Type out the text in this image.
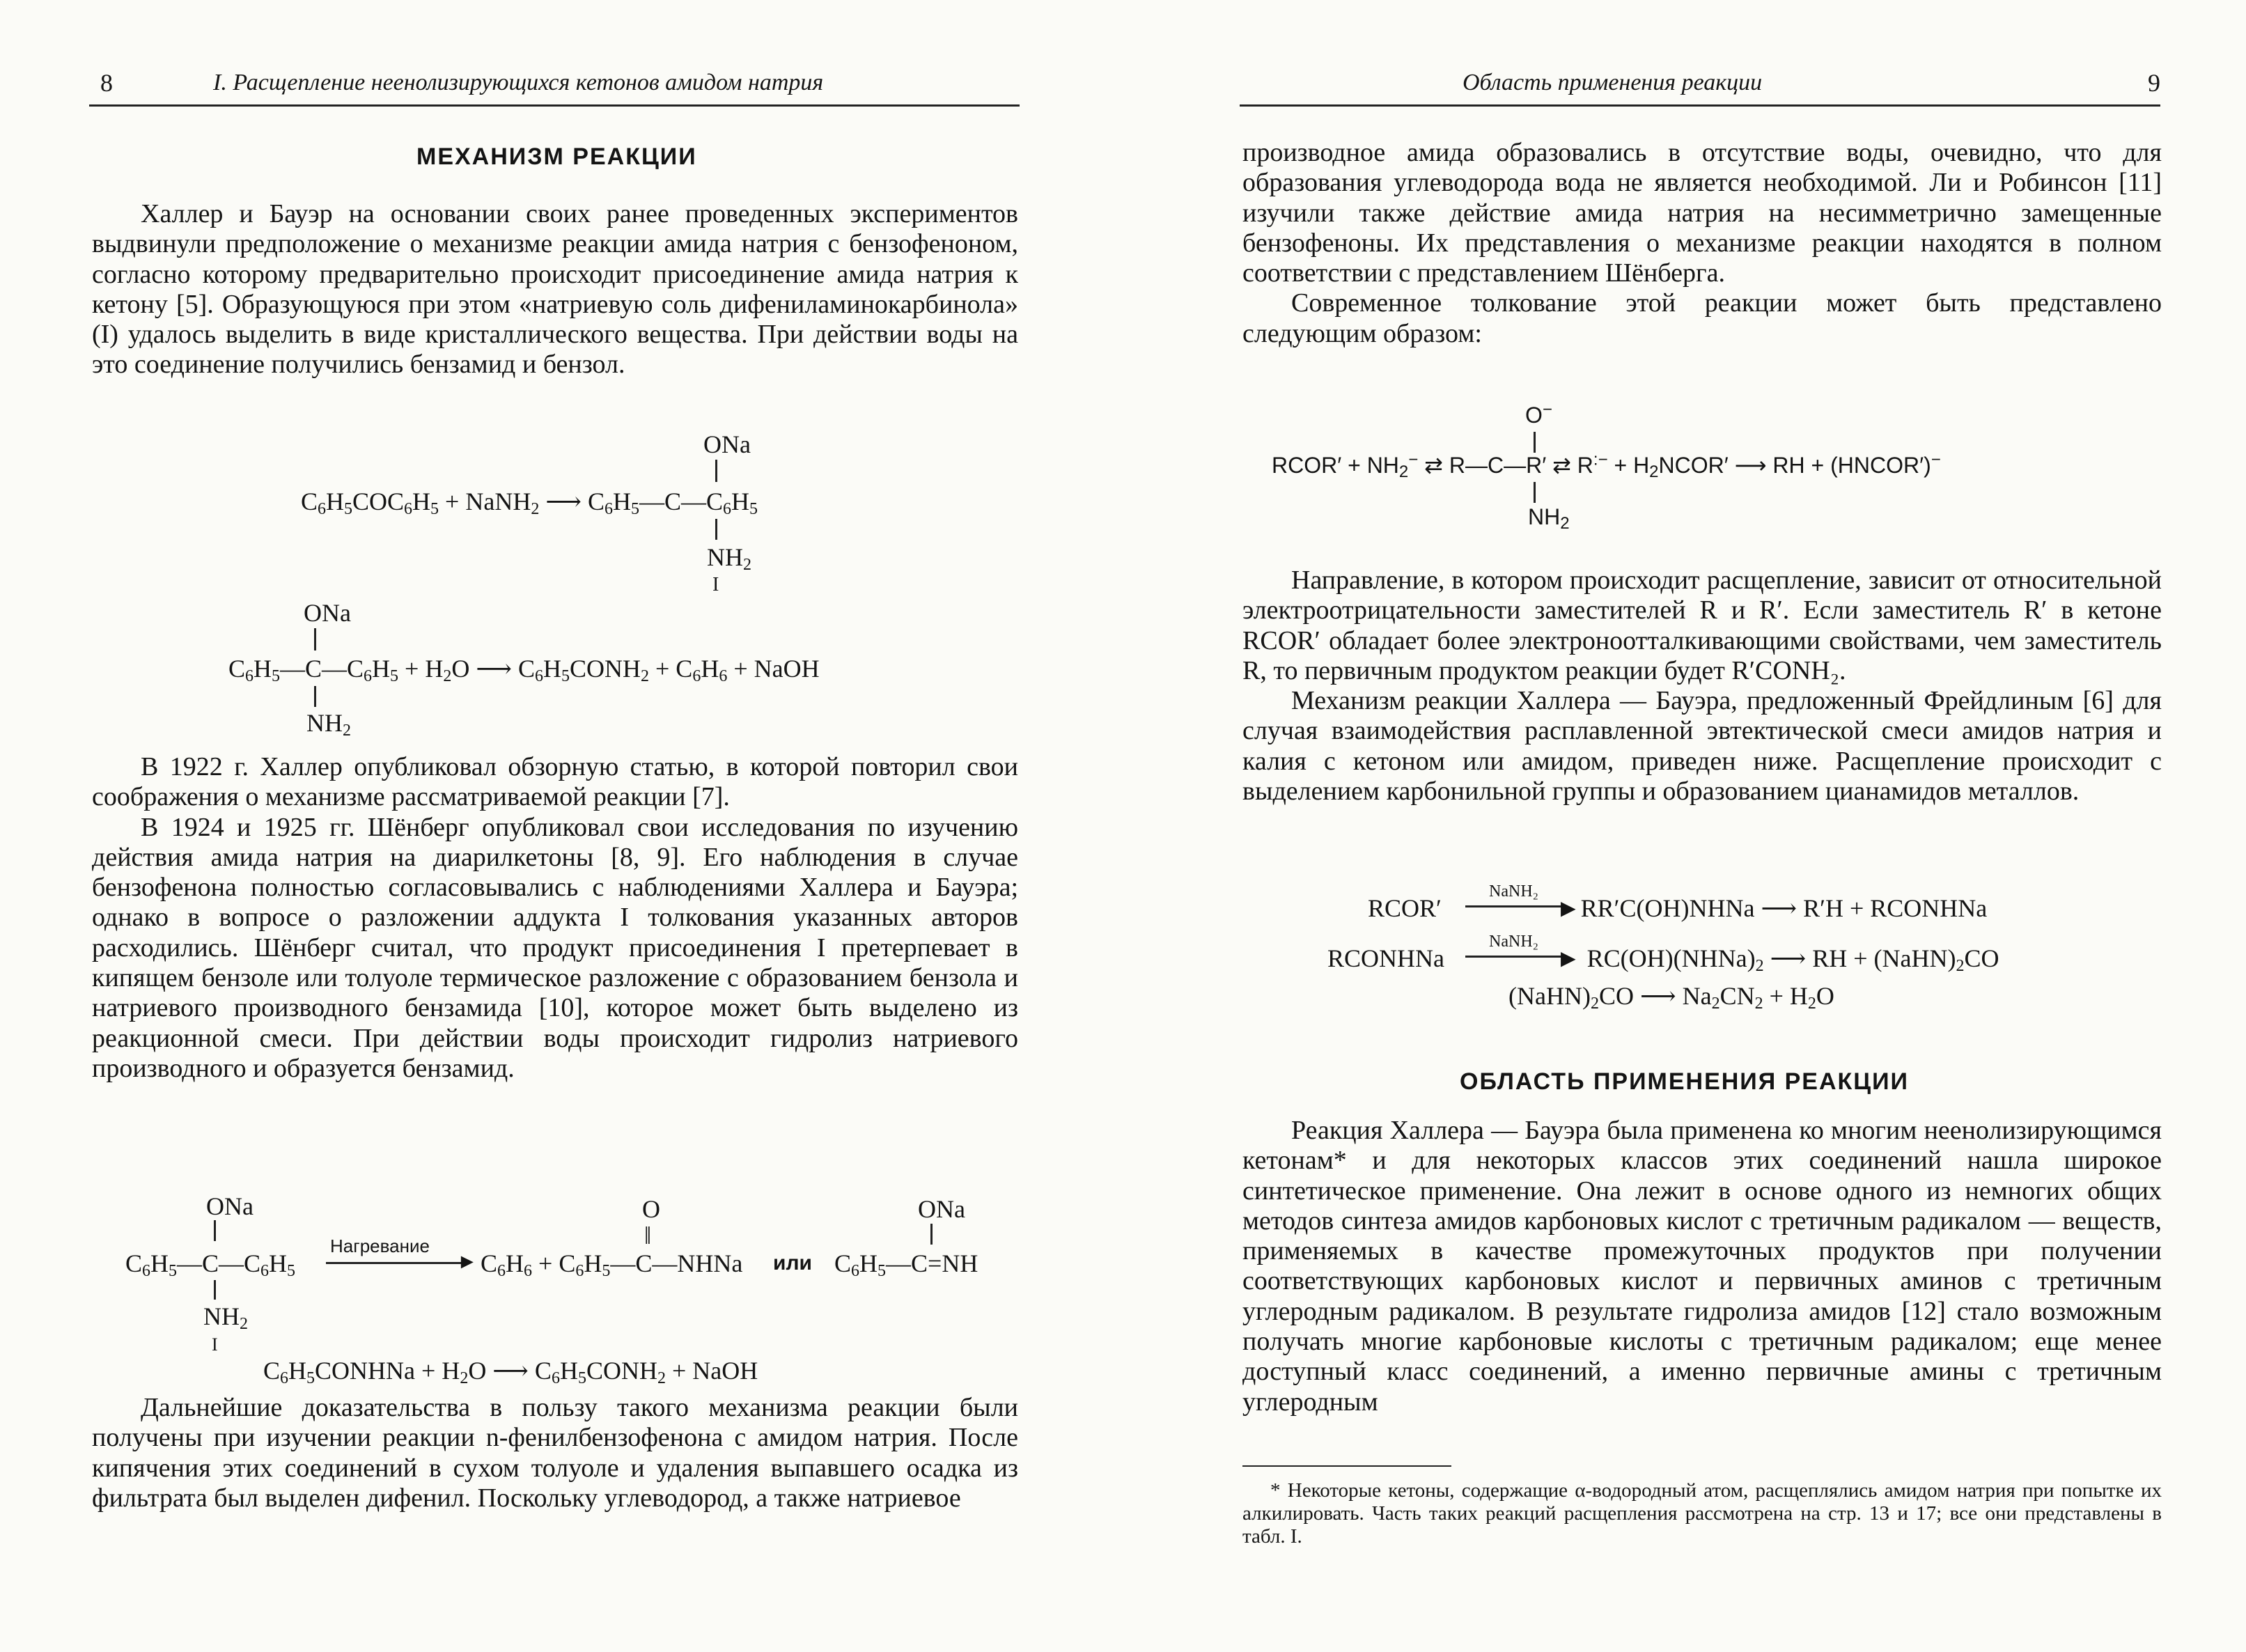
8	I. Расщепление неенолизирующихся кетонов амидом натрия
МЕХАНИЗМ РЕАКЦИИ

Халлер и Бауэр на основании своих ранее проведенных экспериментов выдвинули предположение о механизме реакции амида натрия с бензофеноном, согласно которому предварительно происходит присоединение амида натрия к кетону [5]. Образующуюся при этом «натриевую соль дифениламинокарбинола» (I) удалось выделить в виде кристаллического вещества. При действии воды на это соединение получились бензамид и бензол.

ONa
$C_6H_5COC_6H_5$ + NaNH$_2$ ⟶ $C_6H_5—C—C_6H_5$
$NH_2$
I
ONa
$C_6H_5—C—C_6H_5 + H_2O$ ⟶ $C_6H_5CONH_2 + C_6H_6$ + NaOH
$NH_2$

В 1922 г. Халлер опубликовал обзорную статью, в которой повторил свои соображения о механизме рассматриваемой реакции [7].

В 1924 и 1925 гг. Шёнберг опубликовал свои исследования по изучению действия амида натрия на диарилкетоны [8, 9]. Его наблюдения в случае бензофенона полностью согласовывались с наблюдениями Халлера и Бауэра; однако в вопросе о разложении аддукта I толкования указанных авторов расходились. Шёнберг считал, что продукт присоединения I претерпевает в кипящем бензоле или толуоле термическое разложение с образованием бензола и натриевого производного бензамида [10], которое может быть выделено из реакционной смеси. При действии воды происходит гидролиз натриевого производного и образуется бензамид.

ONa
$C_6H_5—C—C_6H_5$
$NH_2$
I
Нагревание
► $C_6H_6$ + $C_6H_5—C—NHNa$
O
‖
или
ONa
$C_6H_5—C=NH$
$C_6H_5CONHNa + H_2O$ ⟶ $C_6H_5CONH_2$ + NaOH

Дальнейшие доказательства в пользу такого механизма реакции были получены при изучении реакции n-фенилбензофенона с амидом натрия. После кипячения этих соединений в сухом толуоле и удаления выпавшего осадка из фильтрата был выделен дифенил. Поскольку углеводород, а также натриевое

Область применения реакции	9

производное амида образовались в отсутствие воды, очевидно, что для образования углеводорода вода не является необходимой. Ли и Робинсон [11] изучили также действие амида натрия на несимметрично замещенные бензофеноны. Их представления о механизме реакции находятся в полном соответствии с представлением Шёнберга.

Современное толкование этой реакции может быть представлено следующим образом:

O−
RCOR′ + $NH_2^-$ ⇄ R—C—R′ ⇄ $R^{:-} + H_2NCOR'$ ⟶ RH + (HNCOR′)−
$NH_2$

Направление, в котором происходит расщепление, зависит от относительной электроотрицательности заместителей R и R′. Если заместитель R′ в кетоне RCOR′ обладает более электроноотталкивающими свойствами, чем заместитель R, то первичным продуктом реакции будет R′CONH₂.

Механизм реакции Халлера — Бауэра, предложенный Фрейдлиным [6] для случая взаимодействия расплавленной эвтектической смеси амидов натрия и калия с кетоном или амидом, приведен ниже. Расщепление происходит с выделением карбонильной группы и образованием цианамидов металлов.

RCOR′
NaNH₂
►RR′C(OH)NHNa ⟶ R′H + RCONHNa
RCONHNa
NaNH₂
► $RC(OH)(NHNa)_2$ ⟶ RH + $(NaHN)_2CO$
$(NaHN)_2CO$ ⟶ $Na_2CN_2 + H_2O$
ОБЛАСТЬ ПРИМЕНЕНИЯ РЕАКЦИИ

Реакция Халлера — Бауэра была применена ко многим неенолизирующимся кетонам* и для некоторых классов этих соединений нашла широкое синтетическое применение. Она лежит в основе одного из немногих общих методов синтеза амидов карбоновых кислот с третичным радикалом — веществ, применяемых в качестве промежуточных продуктов при получении соответствующих карбоновых кислот и первичных аминов с третичным углеродным радикалом. В результате гидролиза амидов [12] стало возможным получать многие карбоновые кислоты с третичным радикалом; еще менее доступный класс соединений, а именно первичные амины с третичным углеродным

* Некоторые кетоны, содержащие α-водородный атом, расщеплялись амидом натрия при попытке их алкилировать. Часть таких реакций расщепления рассмотрена на стр. 13 и 17; все они представлены в табл. I.
